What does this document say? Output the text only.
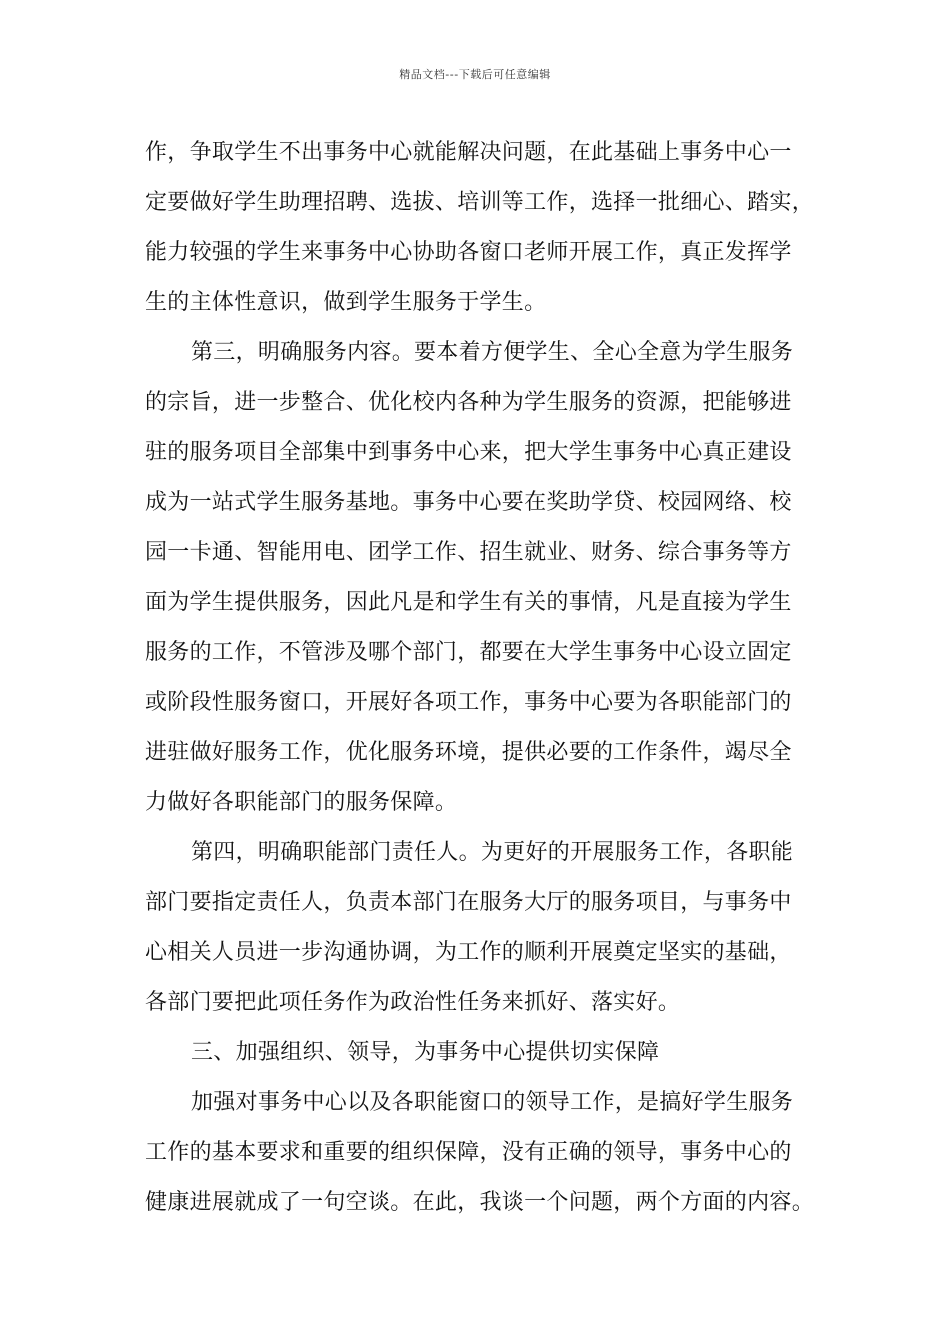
精品文档---下载后可任意编辑
作，争取学生不出事务中心就能解决问题，在此基础上事务中心一
定要做好学生助理招聘、选拔、培训等工作，选择一批细心、踏实，
能力较强的学生来事务中心协助各窗口老师开展工作，真正发挥学
生的主体性意识，做到学生服务于学生。
第三，明确服务内容。要本着方便学生、全心全意为学生服务
的宗旨，进一步整合、优化校内各种为学生服务的资源，把能够进
驻的服务项目全部集中到事务中心来，把大学生事务中心真正建设
成为一站式学生服务基地。事务中心要在奖助学贷、校园网络、校
园一卡通、智能用电、团学工作、招生就业、财务、综合事务等方
面为学生提供服务，因此凡是和学生有关的事情，凡是直接为学生
服务的工作，不管涉及哪个部门，都要在大学生事务中心设立固定
或阶段性服务窗口，开展好各项工作，事务中心要为各职能部门的
进驻做好服务工作，优化服务环境，提供必要的工作条件，竭尽全
力做好各职能部门的服务保障。
第四，明确职能部门责任人。为更好的开展服务工作，各职能
部门要指定责任人，负责本部门在服务大厅的服务项目，与事务中
心相关人员进一步沟通协调，为工作的顺利开展奠定坚实的基础，
各部门要把此项任务作为政治性任务来抓好、落实好。
三、加强组织、领导，为事务中心提供切实保障
加强对事务中心以及各职能窗口的领导工作，是搞好学生服务
工作的基本要求和重要的组织保障，没有正确的领导，事务中心的
健康进展就成了一句空谈。在此，我谈一个问题，两个方面的内容。
